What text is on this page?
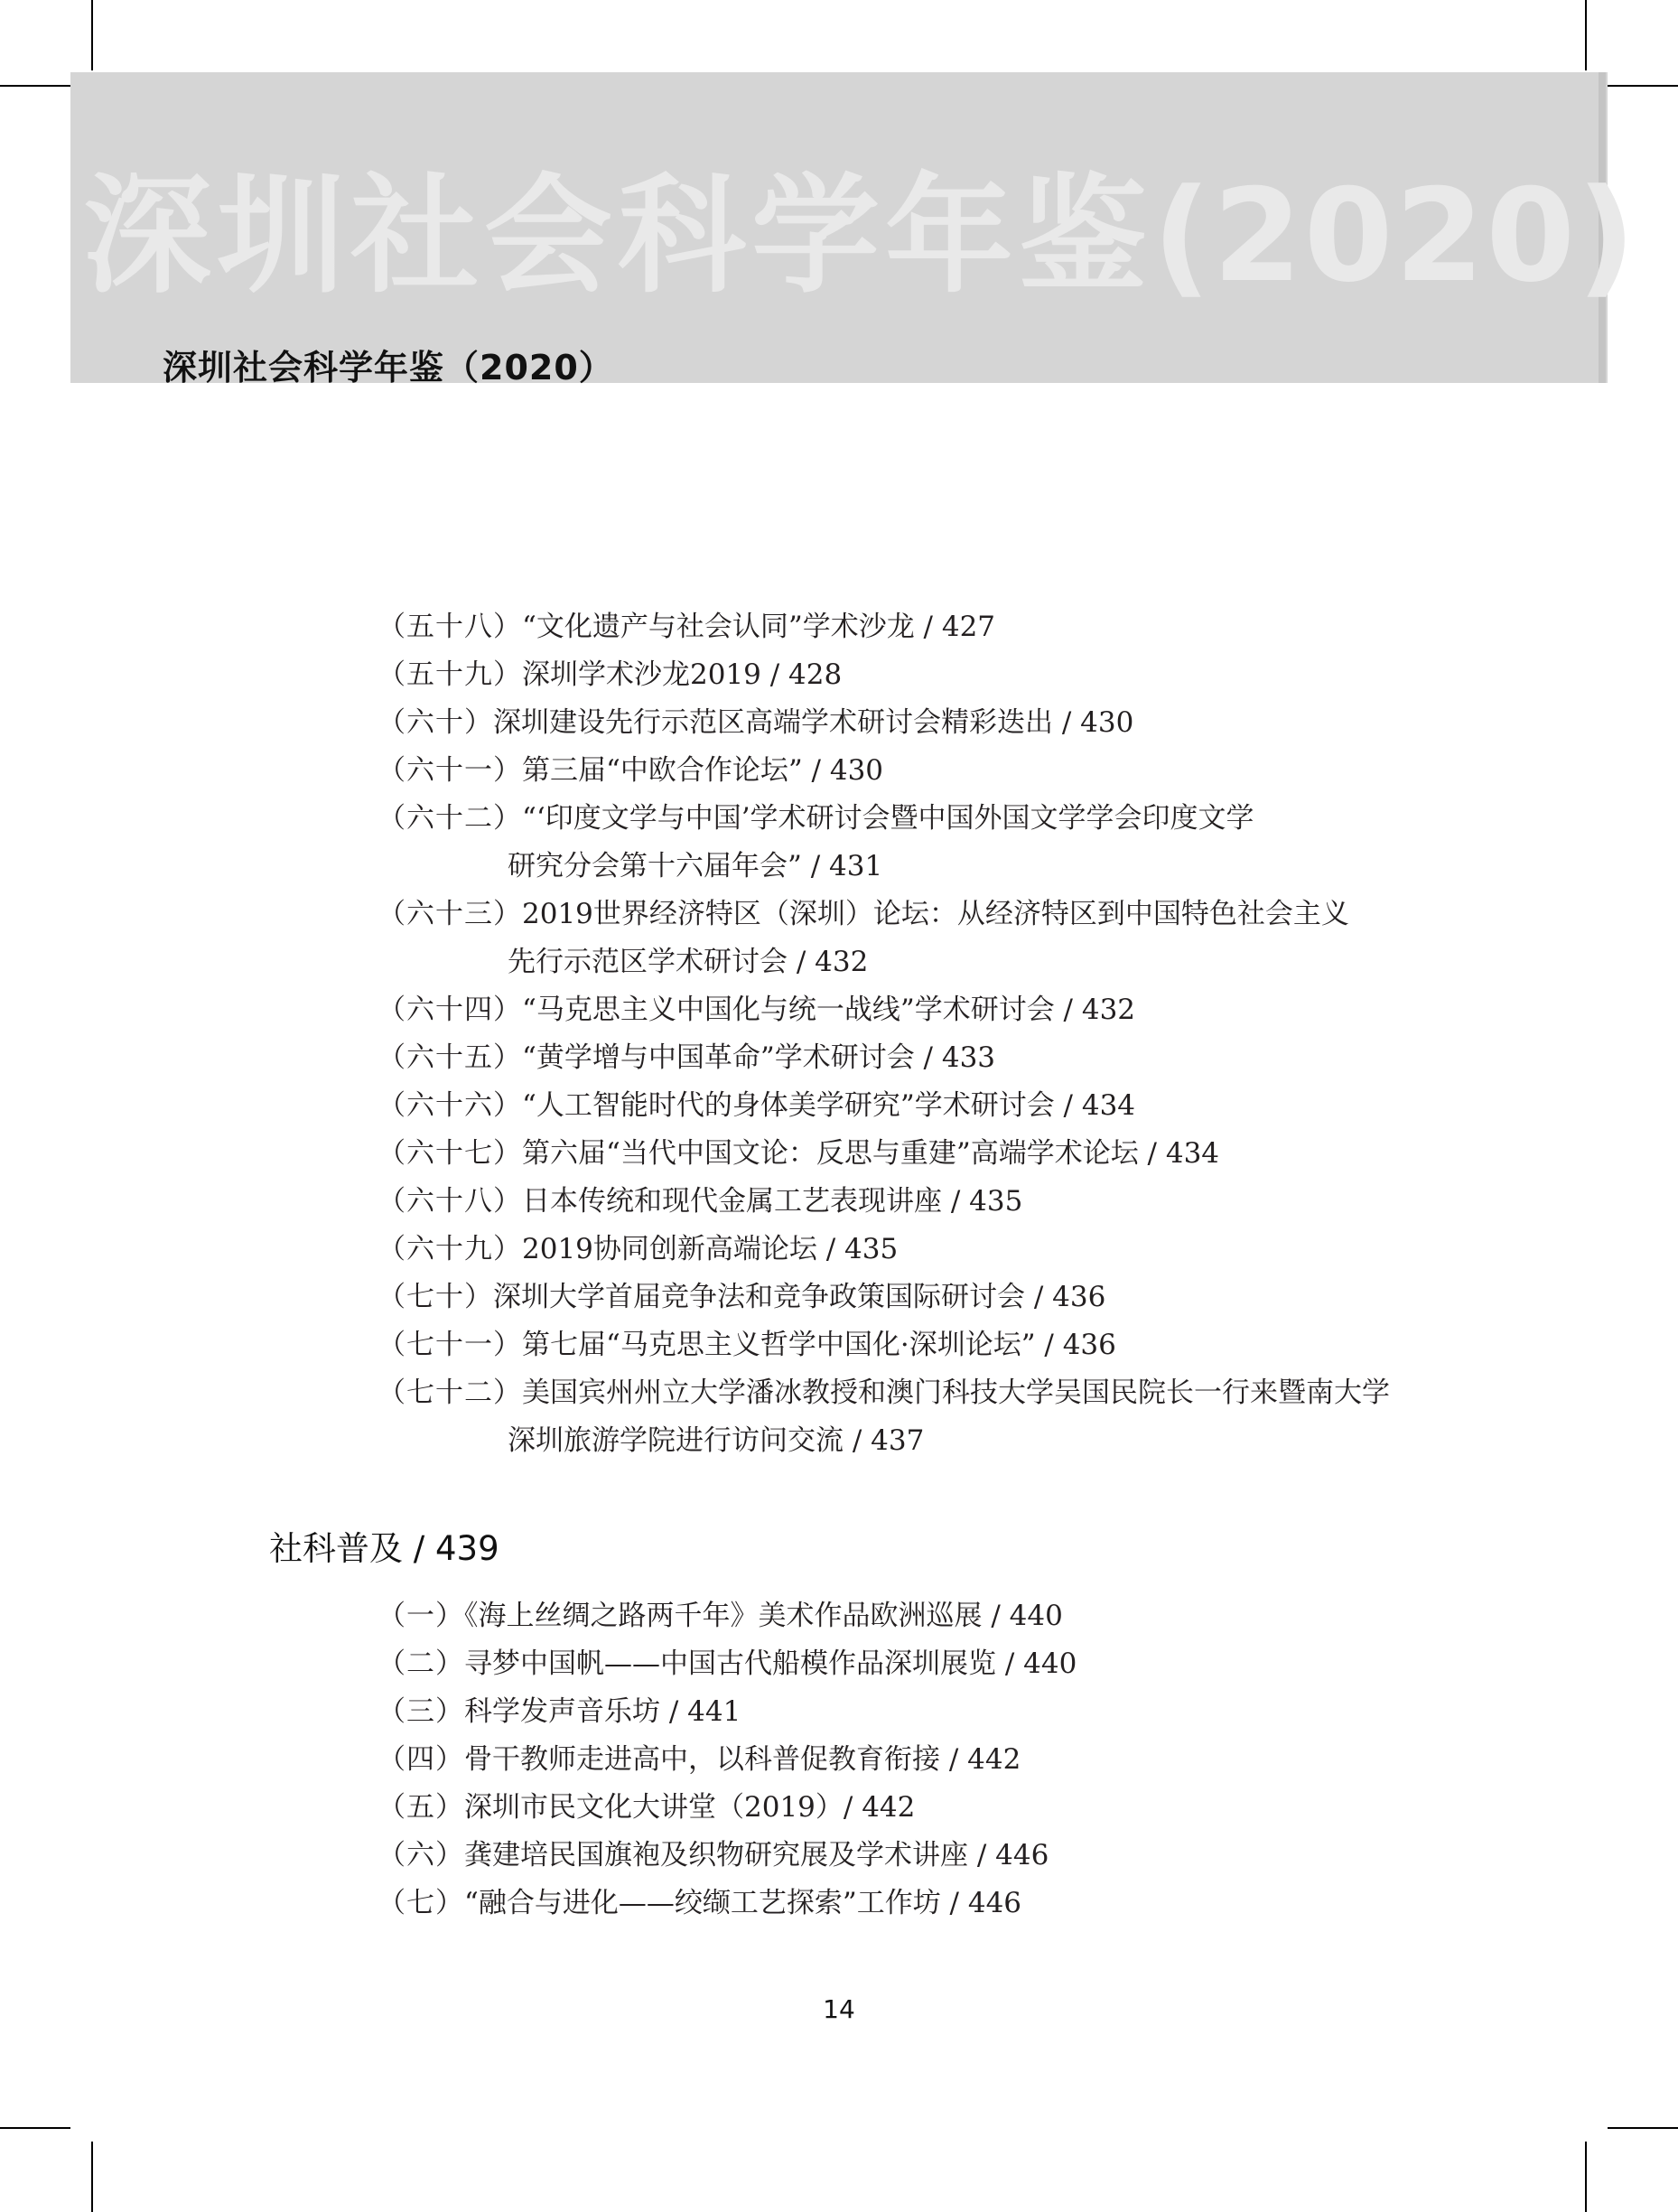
深圳社会科学年鉴(2020)
深圳社会科学年鉴（2020）
（五十八）“文化遗产与社会认同”学术沙龙 / 427
（五十九）深圳学术沙龙2019 / 428
（六十）深圳建设先行示范区高端学术研讨会精彩迭出 / 430
（六十一）第三届“中欧合作论坛” / 430
（六十二）“‘印度文学与中国’学术研讨会暨中国外国文学学会印度文学
研究分会第十六届年会” / 431
（六十三）2019世界经济特区（深圳）论坛：从经济特区到中国特色社会主义
先行示范区学术研讨会 / 432
（六十四）“马克思主义中国化与统一战线”学术研讨会 / 432
（六十五）“黄学增与中国革命”学术研讨会 / 433
（六十六）“人工智能时代的身体美学研究”学术研讨会 / 434
（六十七）第六届“当代中国文论：反思与重建”高端学术论坛 / 434
（六十八）日本传统和现代金属工艺表现讲座 / 435
（六十九）2019协同创新高端论坛 / 435
（七十）深圳大学首届竞争法和竞争政策国际研讨会 / 436
（七十一）第七届“马克思主义哲学中国化·深圳论坛” / 436
（七十二）美国宾州州立大学潘冰教授和澳门科技大学吴国民院长一行来暨南大学
深圳旅游学院进行访问交流 / 437
社科普及 / 439
（一）《海上丝绸之路两千年》美术作品欧洲巡展 / 440
（二）寻梦中国帆——中国古代船模作品深圳展览 / 440
（三）科学发声音乐坊 / 441
（四）骨干教师走进高中，以科普促教育衔接 / 442
（五）深圳市民文化大讲堂（2019）/ 442
（六）龚建培民国旗袍及织物研究展及学术讲座 / 446
（七）“融合与进化——绞缬工艺探索”工作坊 / 446
14
